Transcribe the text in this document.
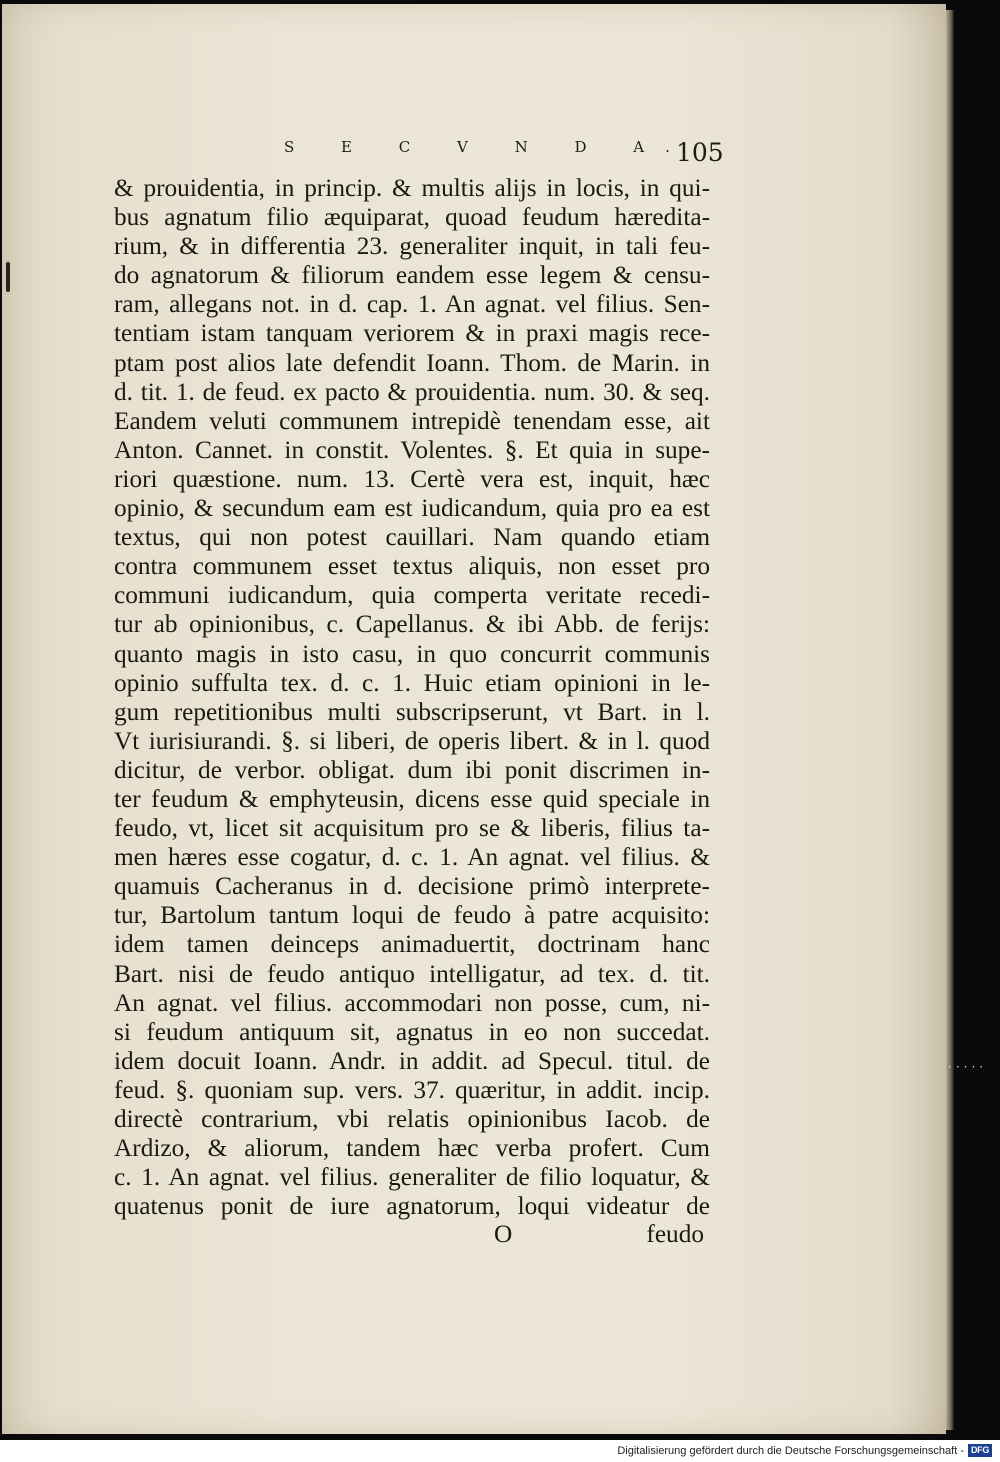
S E C V N D A.
105
& prouidentia, in princip. & multis alijs in locis, in qui-
bus agnatum filio æquiparat, quoad feudum hæredita-
rium, & in differentia 23. generaliter inquit, in tali feu-
do agnatorum & filiorum eandem esse legem & censu-
ram, allegans not. in d. cap. 1. An agnat. vel filius. Sen-
tentiam istam tanquam veriorem & in praxi magis rece-
ptam post alios late defendit Ioann. Thom. de Marin. in
d. tit. 1. de feud. ex pacto & prouidentia. num. 30. & seq.
Eandem veluti communem intrepidè tenendam esse, ait
Anton. Cannet. in constit. Volentes. §. Et quia in supe-
riori quæstione. num. 13. Certè vera est, inquit, hæc
opinio, & secundum eam est iudicandum, quia pro ea est
textus, qui non potest cauillari. Nam quando etiam
contra communem esset textus aliquis, non esset pro
communi iudicandum, quia comperta veritate recedi-
tur ab opinionibus, c. Capellanus. & ibi Abb. de ferijs:
quanto magis in isto casu, in quo concurrit communis
opinio suffulta tex. d. c. 1. Huic etiam opinioni in le-
gum repetitionibus multi subscripserunt, vt Bart. in l.
Vt iurisiurandi. §. si liberi, de operis libert. & in l. quod
dicitur, de verbor. obligat. dum ibi ponit discrimen in-
ter feudum & emphyteusin, dicens esse quid speciale in
feudo, vt, licet sit acquisitum pro se & liberis, filius ta-
men hæres esse cogatur, d. c. 1. An agnat. vel filius. &
quamuis Cacheranus in d. decisione primò interprete-
tur, Bartolum tantum loqui de feudo à patre acquisito:
idem tamen deinceps animaduertit, doctrinam hanc
Bart. nisi de feudo antiquo intelligatur, ad tex. d. tit.
An agnat. vel filius. accommodari non posse, cum, ni-
si feudum antiquum sit, agnatus in eo non succedat.
idem docuit Ioann. Andr. in addit. ad Specul. titul. de
feud. §. quoniam sup. vers. 37. quæritur, in addit. incip.
directè contrarium, vbi relatis opinionibus Iacob. de
Ardizo, & aliorum, tandem hæc verba profert. Cum
c. 1. An agnat. vel filius. generaliter de filio loquatur, &
quatenus ponit de iure agnatorum, loqui videatur de
O	feudo
·····
Digitalisierung gefördert durch die Deutsche Forschungsgemeinschaft - DFG
